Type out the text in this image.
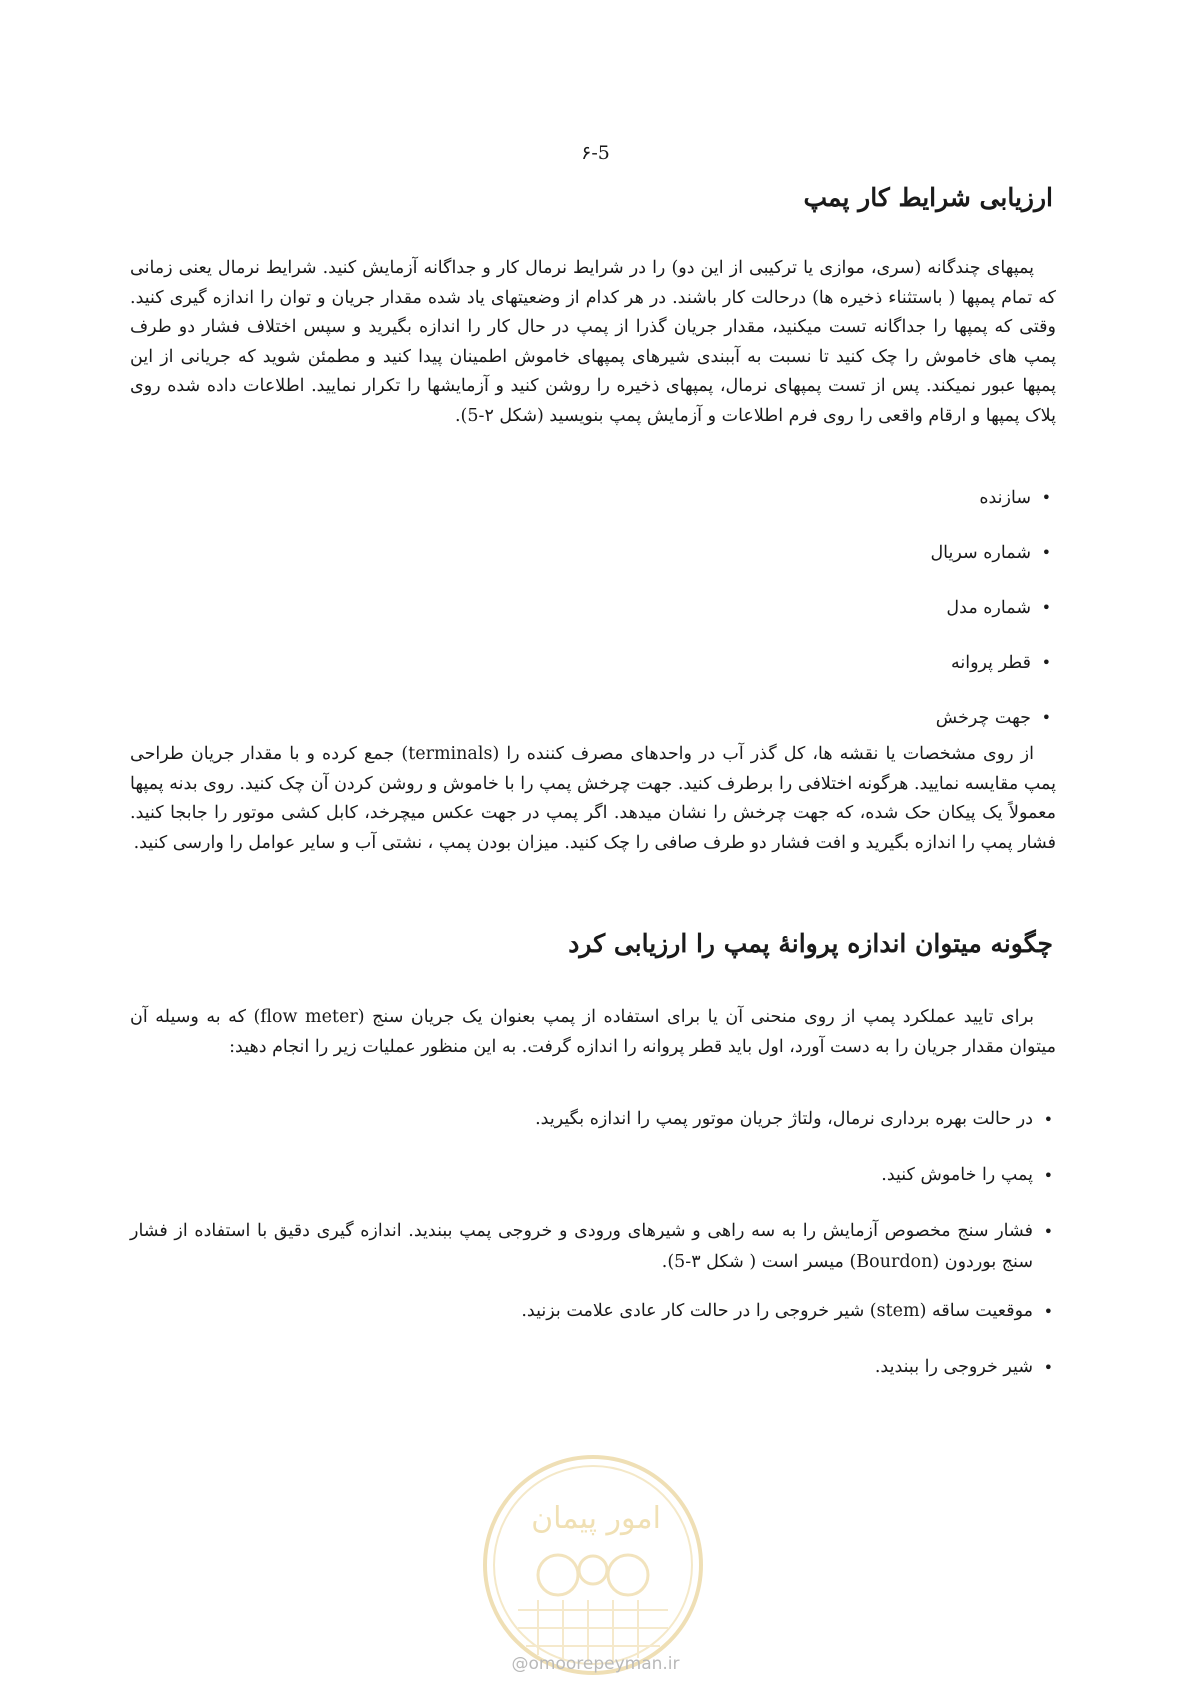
۶-5
ارزیابی شرایط کار پمپ

پمپهای چندگانه (سری، موازی یا ترکیبی از این دو) را در شرایط نرمال کار و جداگانه آزمایش کنید. شرایط نرمال یعنی زمانی که تمام پمپها ( باستثناء ذخیره ها) درحالت کار باشند. در هر کدام از وضعیتهای یاد شده مقدار جریان و توان را اندازه گیری کنید. وقتی که پمپها را جداگانه تست میکنید، مقدار جریان گذرا از پمپ در حال کار را اندازه بگیرید و سپس اختلاف فشار دو طرف پمپ های خاموش را چک کنید تا نسبت به آببندی شیرهای پمپهای خاموش اطمینان پیدا کنید و مطمئن شوید که جریانی از این پمپها عبور نمیکند. پس از تست پمپهای نرمال، پمپهای ذخیره را روشن کنید و آزمایشها را تکرار نمایید. اطلاعات داده شده روی پلاک پمپها و ارقام واقعی را روی فرم اطلاعات و آزمایش پمپ بنویسید (شکل ۲-5).

• سازنده
• شماره سریال
• شماره مدل
• قطر پروانه
• جهت چرخش

از روی مشخصات یا نقشه ها، کل گذر آب در واحدهای مصرف کننده را (terminals) جمع کرده و با مقدار جریان طراحی پمپ مقایسه نمایید. هرگونه اختلافی را برطرف کنید. جهت چرخش پمپ را با خاموش و روشن کردن آن چک کنید. روی بدنه پمپها معمولاً یک پیکان حک شده، که جهت چرخش را نشان میدهد. اگر پمپ در جهت عکس میچرخد، کابل کشی موتور را جابجا کنید. فشار پمپ را اندازه بگیرید و افت فشار دو طرف صافی را چک کنید. میزان بودن پمپ ، نشتی آب و سایر عوامل را وارسی کنید.

چگونه میتوان اندازه پروانهٔ پمپ را ارزیابی کرد

برای تایید عملکرد پمپ از روی منحنی آن یا برای استفاده از پمپ بعنوان یک جریان سنج (flow meter) که به وسیله آن میتوان مقدار جریان را به دست آورد، اول باید قطر پروانه را اندازه گرفت. به این منظور عملیات زیر را انجام دهید:

• در حالت بهره برداری نرمال، ولتاژ جریان موتور پمپ را اندازه بگیرید.
• پمپ را خاموش کنید.
• فشار سنج مخصوص آزمایش را به سه راهی و شیرهای ورودی و خروجی پمپ ببندید. اندازه گیری دقیق با استفاده از فشار سنج بوردون (Bourdon) میسر است ( شکل ۳-5).
• موقعیت ساقه (stem) شیر خروجی را در حالت کار عادی علامت بزنید.
• شیر خروجی را ببندید.
امور پیمان
@omoorepeyman.ir
